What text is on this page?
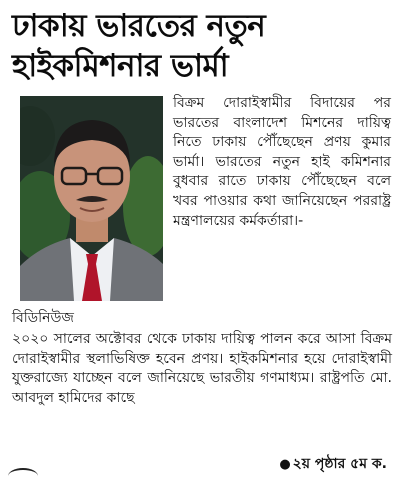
ঢাকায় ভারতের নতুন
হাইকমিশনার ভার্মা
বিক্রম দোরাইস্বামীর বিদায়ের পর ভারতের বাংলাদেশ মিশনের দায়িত্ব নিতে ঢাকায় পৌঁছেছেন প্রণয় কুমার ভার্মা। ভারতের নতুন হাই কমিশনার বুধবার রাতে ঢাকায় পৌঁছেছেন বলে খবর পাওয়ার কথা জানিয়েছেন পররাষ্ট্র মন্ত্রণালয়ের কর্মকর্তারা।-
বিডিনিউজ
২০২০ সালের অক্টোবর থেকে ঢাকায় দায়িত্ব পালন করে আসা বিক্রম দোরাইস্বামীর স্থলাভিষিক্ত হবেন প্রণয়। হাইকমিশনার হয়ে দোরাইস্বামী যুক্তরাজ্যে যাচ্ছেন বলে জানিয়েছে ভারতীয় গণমাধ্যম। রাষ্ট্রপতি মো. আবদুল হামিদের কাছে
● ২য় পৃষ্ঠার ৫ম ক.
